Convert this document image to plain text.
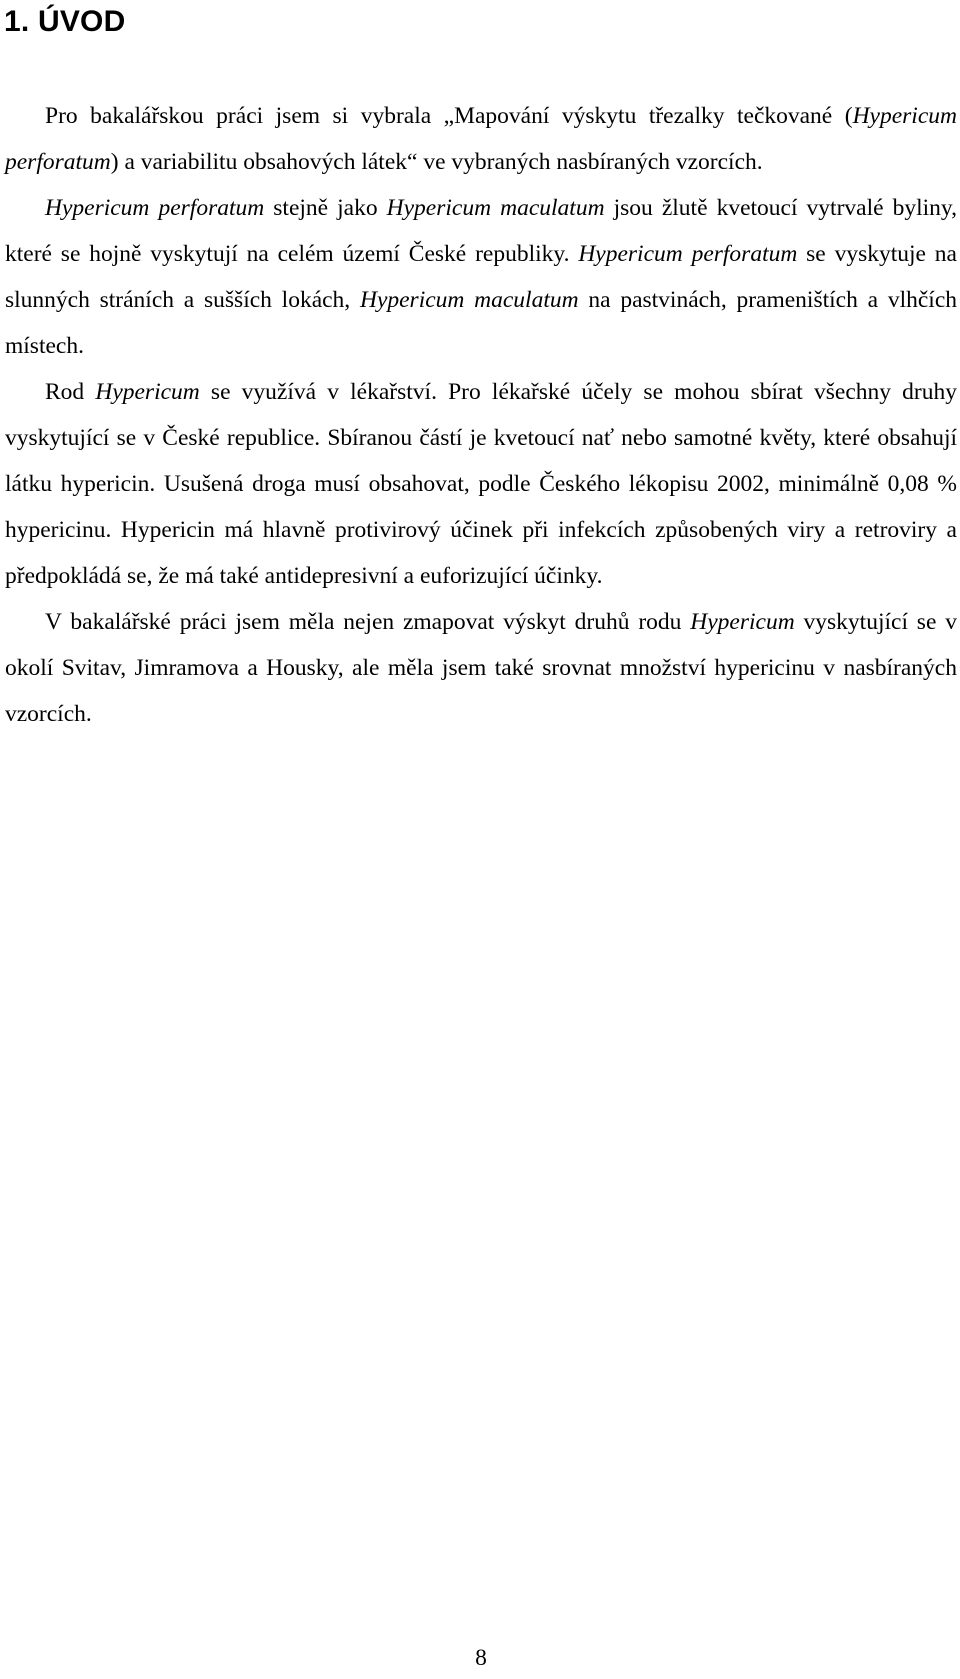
1. ÚVOD

Pro bakalářskou práci jsem si vybrala „Mapování výskytu třezalky tečkované (Hypericum perforatum) a variabilitu obsahových látek“ ve vybraných nasbíraných vzorcích.

Hypericum perforatum stejně jako Hypericum maculatum jsou žlutě kvetoucí vytrvalé byliny, které se hojně vyskytují na celém území České republiky. Hypericum perforatum se vyskytuje na slunných stráních a sušších lokách, Hypericum maculatum na pastvinách, prameništích a vlhčích místech.

Rod Hypericum se využívá v lékařství. Pro lékařské účely se mohou sbírat všechny druhy vyskytující se v České republice. Sbíranou částí je kvetoucí nať nebo samotné květy, které obsahují látku hypericin. Usušená droga musí obsahovat, podle Českého lékopisu 2002, minimálně 0,08 % hypericinu. Hypericin má hlavně protivirový účinek při infekcích způsobených viry a retroviry a předpokládá se, že má také antidepresivní a euforizující účinky.

V bakalářské práci jsem měla nejen zmapovat výskyt druhů rodu Hypericum vyskytující se v okolí Svitav, Jimramova a Housky, ale měla jsem také srovnat množství hypericinu v nasbíraných vzorcích.

8
